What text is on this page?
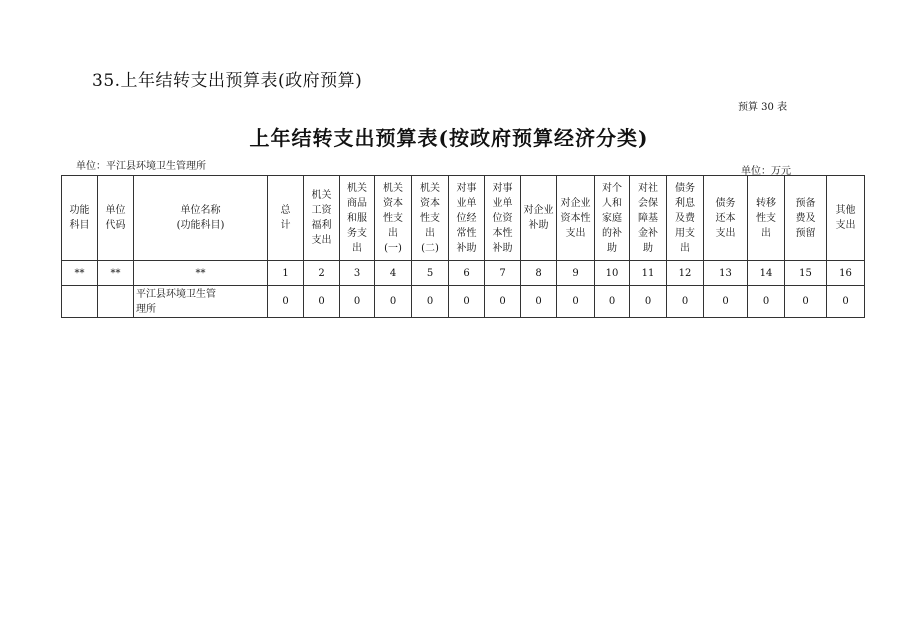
35.上年结转支出预算表(政府预算)
预算 30 表
上年结转支出预算表(按政府预算经济分类)
单位：平江县环境卫生管理所	单位：万元
功能科目	单位代码	单位名称(功能科目)	总计	机关工资福利支出	机关商品和服务支出	机关资本性支出(一)	机关资本性支出(二)	对事业单位经常性补助	对事业单位资本性补助	对企业补助	对企业资本性支出	对个人和家庭的补助	对社会保障基金补助	债务利息及费用支出	债务还本支出	转移性支出	预备费及预留	其他支出
**	**	**	1	2	3	4	5	6	7	8	9	10	11	12	13	14	15	16
		平江县环境卫生管理所	0	0	0	0	0	0	0	0	0	0	0	0	0	0	0	0
